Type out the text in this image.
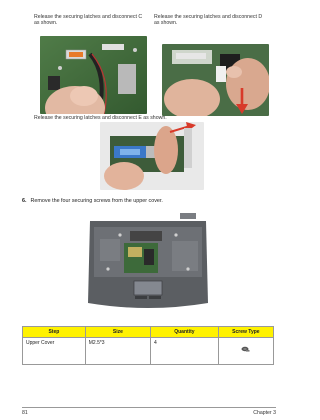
Release the securing latches and disconnect C as shown.
Release the securing latches and disconnect D as shown.
Release the securing latches and disconnect E as shown.
6. Remove the four securing screws from the upper cover.
Step	Size	Quantity	Screw Type
Upper Cover	M2.5*3	4	
81	Chapter 3
